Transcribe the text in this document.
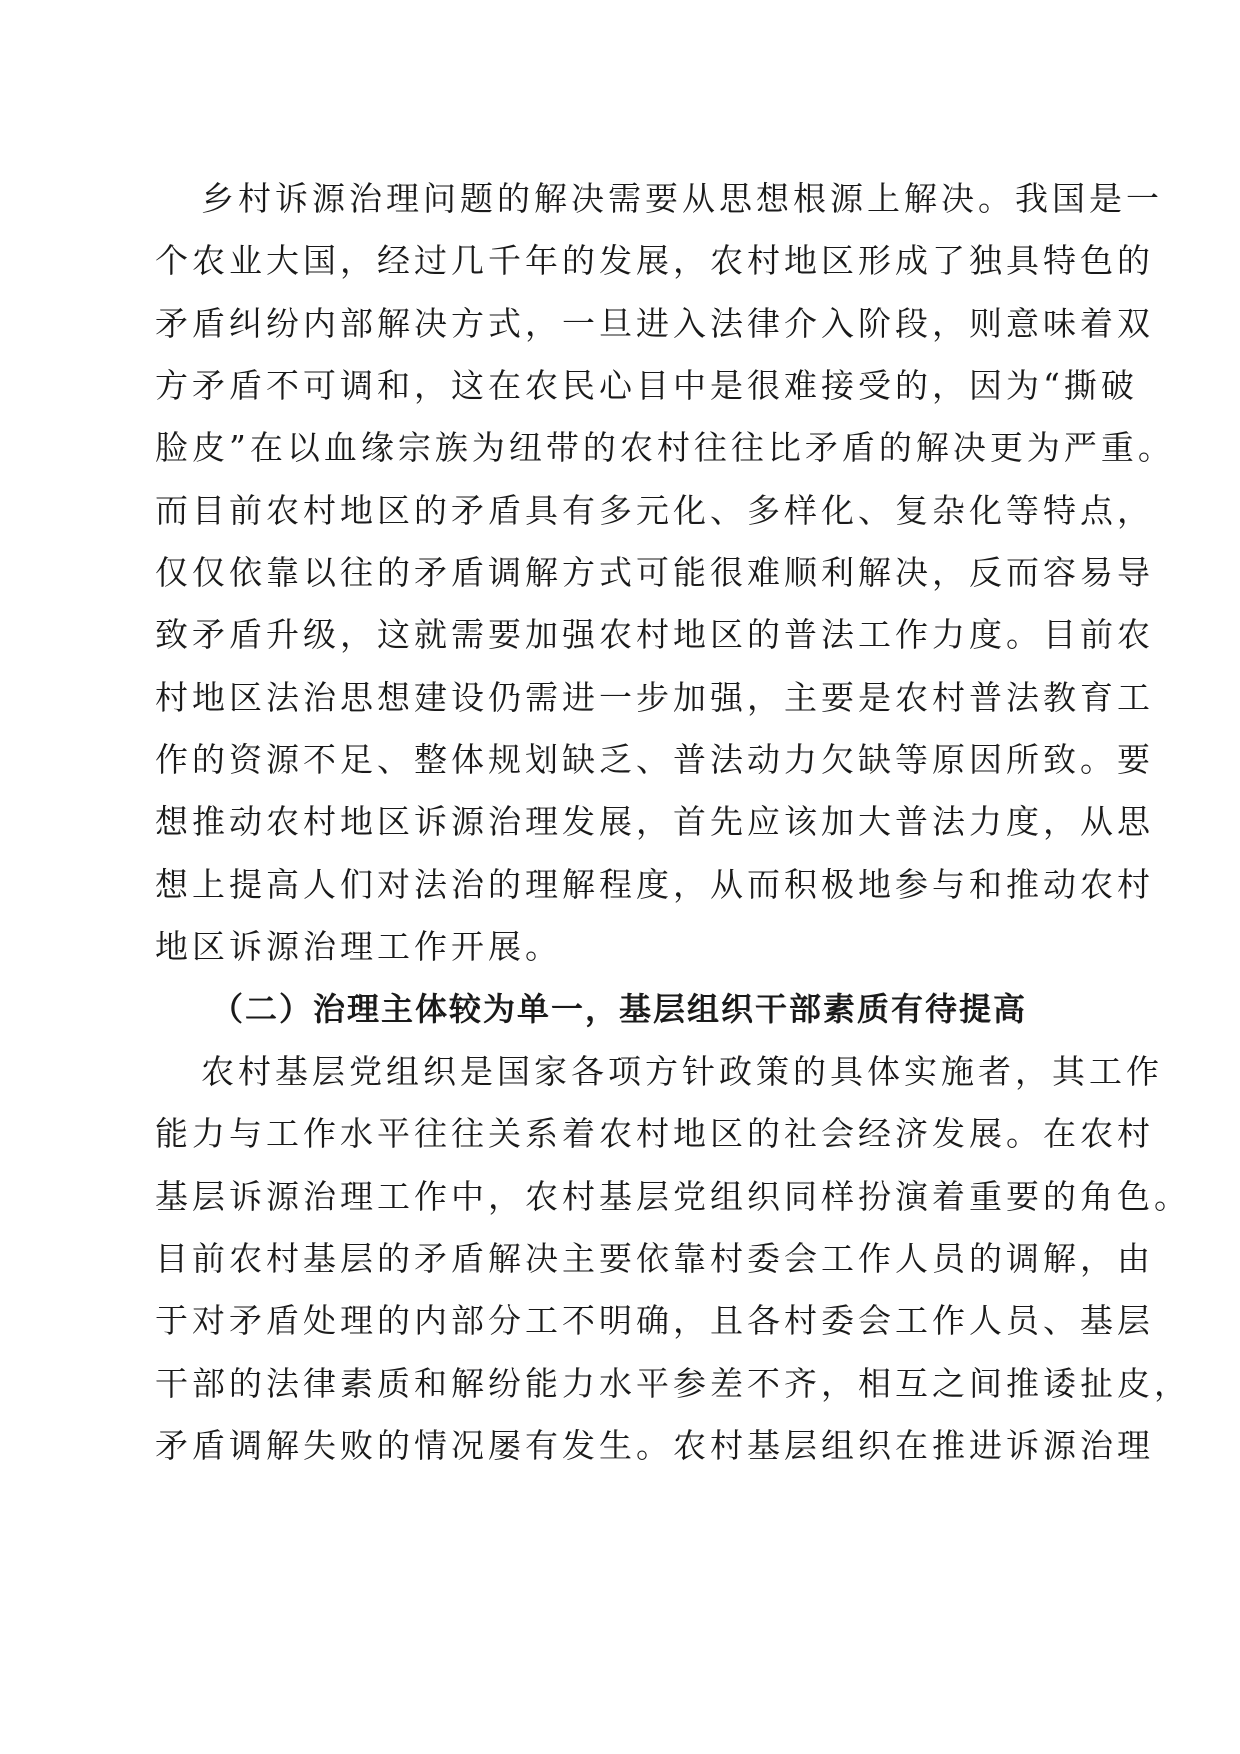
乡村诉源治理问题的解决需要从思想根源上解决。我国是一
个农业大国，经过几千年的发展，农村地区形成了独具特色的
矛盾纠纷内部解决方式，一旦进入法律介入阶段，则意味着双
方矛盾不可调和，这在农民心目中是很难接受的，因为“撕破
脸皮”在以血缘宗族为纽带的农村往往比矛盾的解决更为严重。
而目前农村地区的矛盾具有多元化、多样化、复杂化等特点，
仅仅依靠以往的矛盾调解方式可能很难顺利解决，反而容易导
致矛盾升级，这就需要加强农村地区的普法工作力度。目前农
村地区法治思想建设仍需进一步加强，主要是农村普法教育工
作的资源不足、整体规划缺乏、普法动力欠缺等原因所致。要
想推动农村地区诉源治理发展，首先应该加大普法力度，从思
想上提高人们对法治的理解程度，从而积极地参与和推动农村
地区诉源治理工作开展。
（二）治理主体较为单一，基层组织干部素质有待提高
农村基层党组织是国家各项方针政策的具体实施者，其工作
能力与工作水平往往关系着农村地区的社会经济发展。在农村
基层诉源治理工作中，农村基层党组织同样扮演着重要的角色。
目前农村基层的矛盾解决主要依靠村委会工作人员的调解，由
于对矛盾处理的内部分工不明确，且各村委会工作人员、基层
干部的法律素质和解纷能力水平参差不齐，相互之间推诿扯皮，
矛盾调解失败的情况屡有发生。农村基层组织在推进诉源治理
